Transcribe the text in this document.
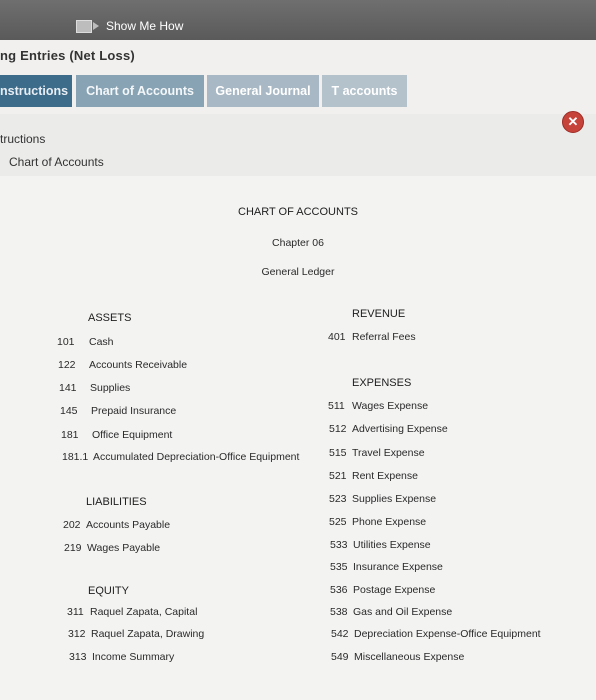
Show Me How
ng Entries (Net Loss)
nstructions	Chart of Accounts	General Journal	T accounts
✕
tructions
Chart of Accounts
CHART OF ACCOUNTS
Chapter 06
General Ledger
ASSETS
101 Cash
122 Accounts Receivable
141 Supplies
145 Prepaid Insurance
181 Office Equipment
181.1 Accumulated Depreciation-Office Equipment
LIABILITIES
202 Accounts Payable
219 Wages Payable
EQUITY
311 Raquel Zapata, Capital
312 Raquel Zapata, Drawing
313 Income Summary
REVENUE
401 Referral Fees
EXPENSES
511 Wages Expense
512 Advertising Expense
515 Travel Expense
521 Rent Expense
523 Supplies Expense
525 Phone Expense
533 Utilities Expense
535 Insurance Expense
536 Postage Expense
538 Gas and Oil Expense
542 Depreciation Expense-Office Equipment
549 Miscellaneous Expense
